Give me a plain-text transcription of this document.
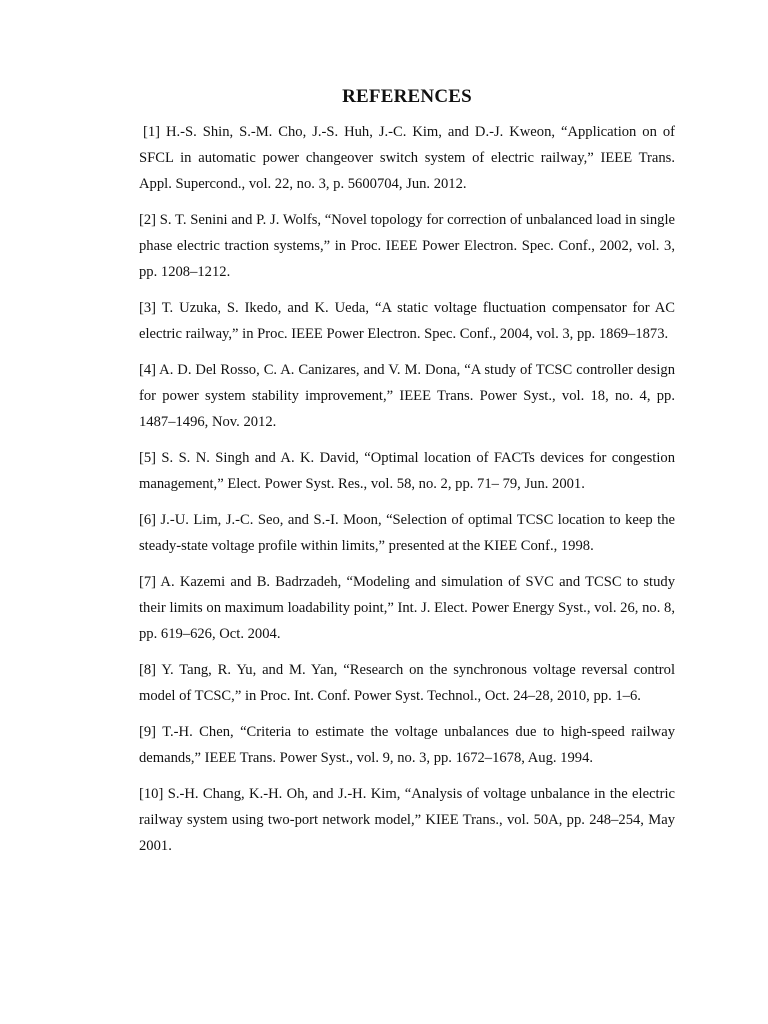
REFERENCES

[1] H.-S. Shin, S.-M. Cho, J.-S. Huh, J.-C. Kim, and D.-J. Kweon, “Application on of SFCL in automatic power changeover switch system of electric railway,” IEEE Trans. Appl. Supercond., vol. 22, no. 3, p. 5600704, Jun. 2012.

[2] S. T. Senini and P. J. Wolfs, “Novel topology for correction of unbalanced load in single phase electric traction systems,” in Proc. IEEE Power Electron. Spec. Conf., 2002, vol. 3, pp. 1208–1212.

[3] T. Uzuka, S. Ikedo, and K. Ueda, “A static voltage fluctuation compensator for AC electric railway,” in Proc. IEEE Power Electron. Spec. Conf., 2004, vol. 3, pp. 1869–1873.

[4] A. D. Del Rosso, C. A. Canizares, and V. M. Dona, “A study of TCSC controller design for power system stability improvement,” IEEE Trans. Power Syst., vol. 18, no. 4, pp. 1487–1496, Nov. 2012.

[5] S. S. N. Singh and A. K. David, “Optimal location of FACTs devices for congestion management,” Elect. Power Syst. Res., vol. 58, no. 2, pp. 71– 79, Jun. 2001.

[6] J.-U. Lim, J.-C. Seo, and S.-I. Moon, “Selection of optimal TCSC location to keep the steady-state voltage profile within limits,” presented at the KIEE Conf., 1998.

[7] A. Kazemi and B. Badrzadeh, “Modeling and simulation of SVC and TCSC to study their limits on maximum loadability point,” Int. J. Elect. Power Energy Syst., vol. 26, no. 8, pp. 619–626, Oct. 2004.

[8] Y. Tang, R. Yu, and M. Yan, “Research on the synchronous voltage reversal control model of TCSC,” in Proc. Int. Conf. Power Syst. Technol., Oct. 24–28, 2010, pp. 1–6.

[9] T.-H. Chen, “Criteria to estimate the voltage unbalances due to high-speed railway demands,” IEEE Trans. Power Syst., vol. 9, no. 3, pp. 1672–1678, Aug. 1994.

[10] S.-H. Chang, K.-H. Oh, and J.-H. Kim, “Analysis of voltage unbalance in the electric railway system using two-port network model,” KIEE Trans., vol. 50A, pp. 248–254, May 2001.
